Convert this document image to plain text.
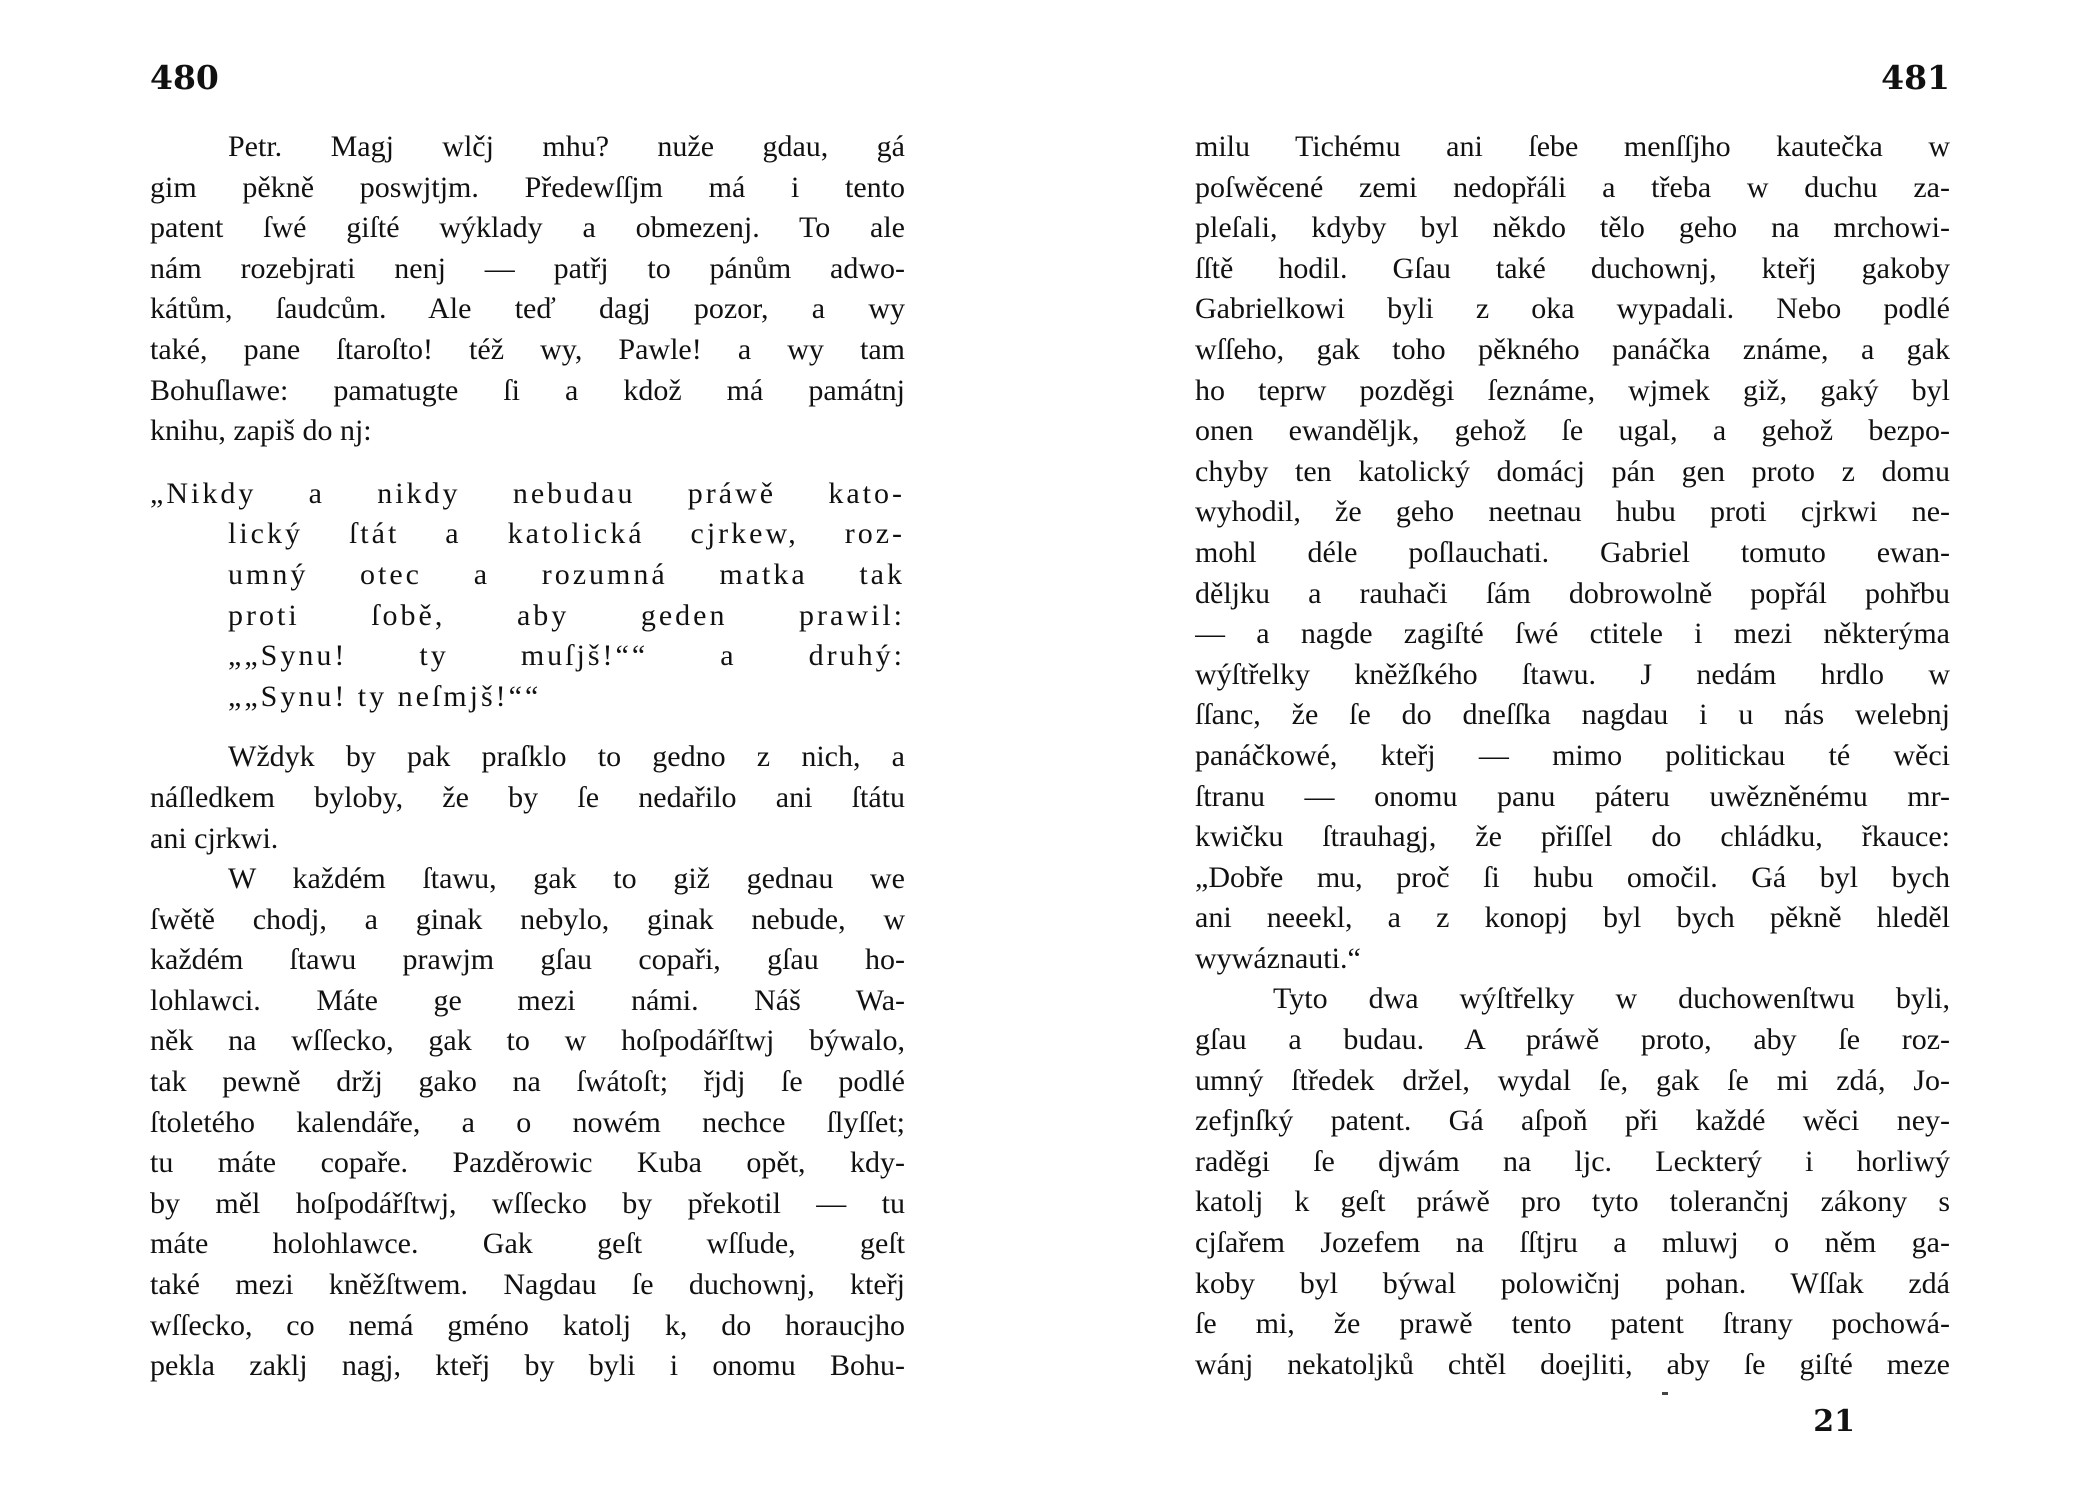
480
Petr. Magj wlčj mhu? nuže gdau, gá
gim pěkně poswjtjm. Předewſſjm má i tento
patent ſwé giſté wýklady a obmezenj. To ale
nám rozebjrati nenj — patřj to pánům adwo-
kátům, ſaudcům. Ale teď dagj pozor, a wy
také, pane ſtaroſto! též wy, Pawle! a wy tam
Bohuſlawe: pamatugte ſi a kdož má památnj
knihu, zapiš do nj:
„Nikdy a nikdy nebudau práwě kato-
lický ſtát a katolická cjrkew, roz-
umný otec a rozumná matka tak
proti ſobě, aby geden prawil:
„„Synu! ty muſjš!““ a druhý:
„„Synu! ty neſmjš!““
Wždyk by pak praſklo to gedno z nich, a
náſledkem byloby, že by ſe nedařilo ani ſtátu
ani cjrkwi.
W každém ſtawu, gak to giž gednau we
ſwětě chodj, a ginak nebylo, ginak nebude, w
každém ſtawu prawjm gſau copaři, gſau ho-
lohlawci. Máte ge mezi námi. Náš Wa-
něk na wſſecko, gak to w hoſpodářſtwj býwalo,
tak pewně držj gako na ſwátoſt; řjdj ſe podlé
ſtoletého kalendáře, a o nowém nechce ſlyſſet;
tu máte copaře. Pazděrowic Kuba opět, kdy-
by měl hoſpodářſtwj, wſſecko by překotil — tu
máte holohlawce. Gak geſt wſſude, geſt
také mezi kněžſtwem. Nagdau ſe duchownj, kteřj
wſſecko, co nemá gméno katolj k, do horaucjho
pekla zaklj nagj, kteřj by byli i onomu Bohu-
481
milu Tichému ani ſebe menſſjho kautečka w
poſwěcené zemi nedopřáli a třeba w duchu za-
pleſali, kdyby byl někdo tělo geho na mrchowi-
ſſtě hodil. Gſau také duchownj, kteřj gakoby
Gabrielkowi byli z oka wypadali. Nebo podlé
wſſeho, gak toho pěkného panáčka známe, a gak
ho teprw pozděgi ſeznáme, wjmek giž, gaký byl
onen ewanděljk, gehož ſe ugal, a gehož bezpo-
chyby ten katolický domácj pán gen proto z domu
wyhodil, že geho neetnau hubu proti cjrkwi ne-
mohl déle poſlauchati. Gabriel tomuto ewan-
děljku a rauhači ſám dobrowolně popřál pohřbu
— a nagde zagiſté ſwé ctitele i mezi některýma
wýſtřelky kněžſkého ſtawu. J nedám hrdlo w
ſſanc, že ſe do dneſſka nagdau i u nás welebnj
panáčkowé, kteřj — mimo politickau té wěci
ſtranu — onomu panu páteru uwězněnému mr-
kwičku ſtrauhagj, že přiſſel do chládku, řkauce:
„Dobře mu, proč ſi hubu omočil. Gá byl bych
ani neeekl, a z konopj byl bych pěkně hleděl
wywáznauti.“
Tyto dwa wýſtřelky w duchowenſtwu byli,
gſau a budau. A práwě proto, aby ſe roz-
umný ſtředek držel, wydal ſe, gak ſe mi zdá, Jo-
zefjnſký patent. Gá aſpoň při každé wěci ney-
raděgi ſe djwám na ljc. Leckterý i horliwý
katolj k geſt práwě pro tyto tolerančnj zákony s
cjſařem Jozefem na ſſtjru a mluwj o něm ga-
koby byl býwal polowičnj pohan. Wſſak zdá
ſe mi, že prawě tento patent ſtrany pochowá-
wánj nekatoljků chtěl doejliti, aby ſe giſté meze
21
